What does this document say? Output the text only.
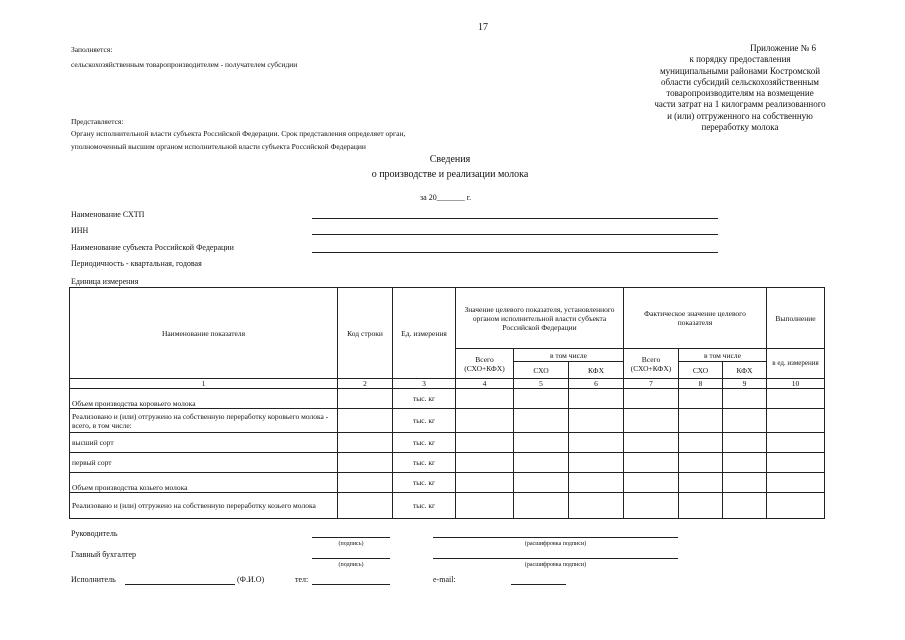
17
Заполняется:
сельскохозяйственным товаропроизводителем - получателем субсидии
Представляется:
Органу исполнительной власти субъекта Российской Федерации. Срок представления определяет орган,
уполномоченный высшим органом исполнительной власти субъекта Российской Федерации
Приложение № 6
к порядку предоставления
муниципальными районами Костромской
области субсидий сельскохозяйственным
товаропроизводителям на возмещение
части затрат на 1 килограмм реализованного
и (или) отгруженного на собственную
переработку молока
Сведения
о производстве и реализации молока
за 20_______ г.
Наименование СХТП
ИНН
Наименование субъекта Российской Федерации
Периодичность - квартальная, годовая
Единица измерения
Наименование показателя	Код строки	Ед. измерения	Значение целевого показателя, установленного органом исполнительной власти субъекта Российской Федерации			Фактическое значение целевого показателя			Выполнение
			Всего (СХО+КФХ)	в том числе		Всего (СХО+КФХ)	в том числе		в ед. измерения
				СХО	КФХ		СХО	КФХ	
1	2	3	4	5	6	7	8	9	10
Объем производства коровьего молока		тыс. кг							
Реализовано и (или) отгружено на собственную переработку коровьего молока - всего, в том числе:		тыс. кг							
высший сорт		тыс. кг							
первый сорт		тыс. кг							
Объем производства козьего молока		тыс. кг							
Реализовано и (или) отгружено на собственную переработку козьего молока		тыс. кг							
Руководитель
(подпись)	(расшифровка подписи)
Главный бухгалтер
(подпись)	(расшифровка подписи)
Исполнитель	(Ф.И.О)	тел:	e-mail:
